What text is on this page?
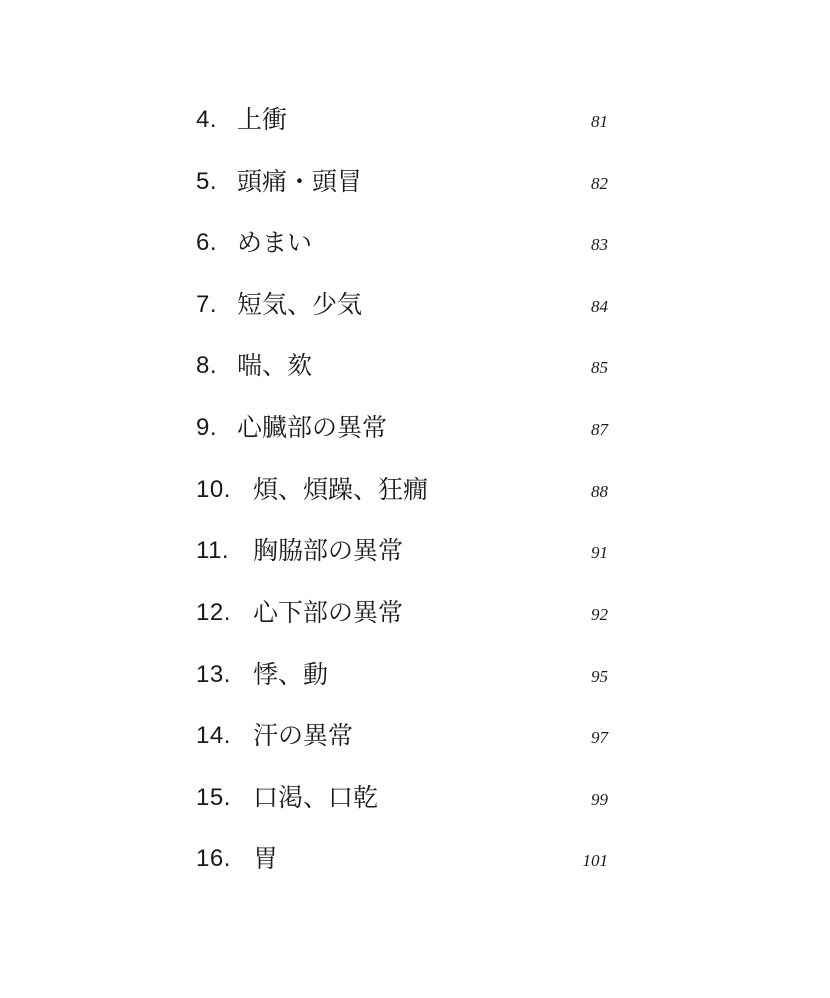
4. 上衝	81
5. 頭痛・頭冒	82
6. めまい	83
7. 短気、少気	84
8. 喘、欬	85
9. 心臓部の異常	87
10. 煩、煩躁、狂癇	88
11. 胸脇部の異常	91
12. 心下部の異常	92
13. 悸、動	95
14. 汗の異常	97
15. 口渇、口乾	99
16. 胃	101
